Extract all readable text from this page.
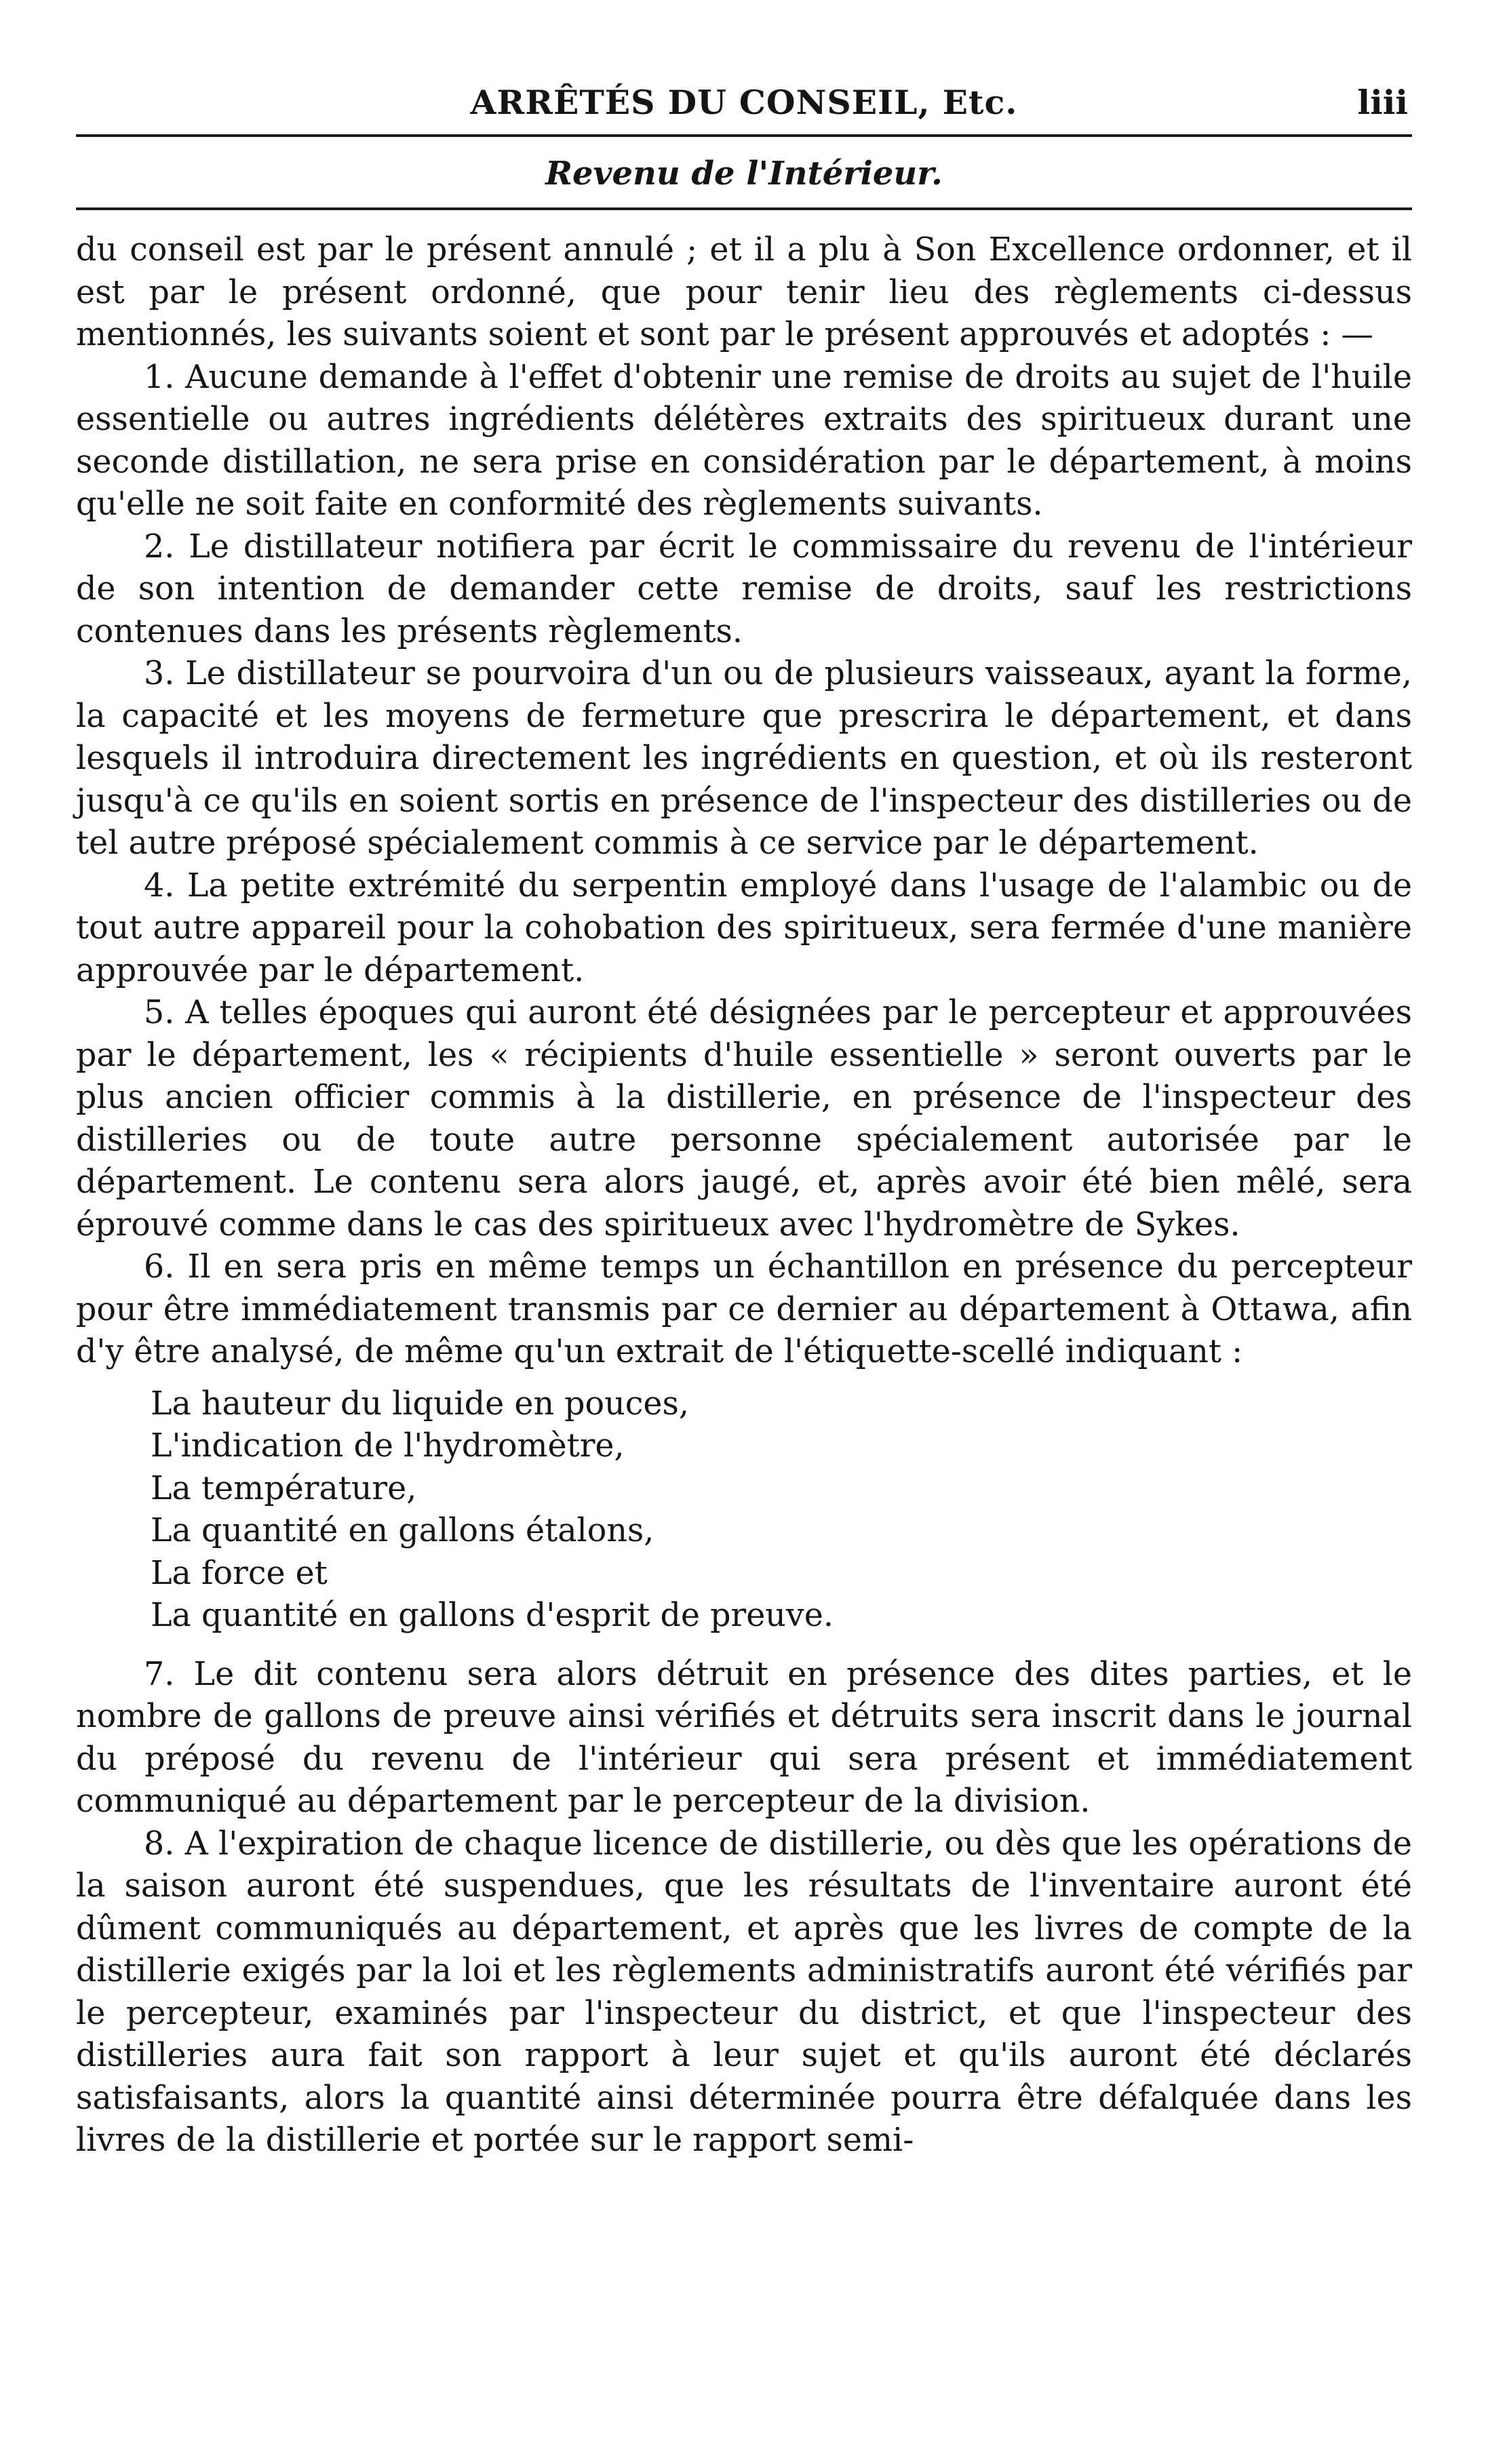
ARRÊTÉS DU CONSEIL, Etc.	liii
Revenu de l'Intérieur.

du conseil est par le présent annulé ; et il a plu à Son Excellence ordonner, et il est par le présent ordonné, que pour tenir lieu des règlements ci-dessus mentionnés, les suivants soient et sont par le présent approuvés et adoptés : —

1. Aucune demande à l'effet d'obtenir une remise de droits au sujet de l'huile essentielle ou autres ingrédients délétères extraits des spiritueux durant une seconde distillation, ne sera prise en considération par le département, à moins qu'elle ne soit faite en conformité des règlements suivants.

2. Le distillateur notifiera par écrit le commissaire du revenu de l'intérieur de son intention de demander cette remise de droits, sauf les restrictions contenues dans les présents règlements.

3. Le distillateur se pourvoira d'un ou de plusieurs vaisseaux, ayant la forme, la capacité et les moyens de fermeture que prescrira le département, et dans lesquels il introduira directement les ingrédients en question, et où ils resteront jusqu'à ce qu'ils en soient sortis en présence de l'inspecteur des distilleries ou de tel autre préposé spécialement commis à ce service par le département.

4. La petite extrémité du serpentin employé dans l'usage de l'alambic ou de tout autre appareil pour la cohobation des spiritueux, sera fermée d'une manière approuvée par le département.

5. A telles époques qui auront été désignées par le percepteur et approuvées par le département, les « récipients d'huile essentielle » seront ouverts par le plus ancien officier commis à la distillerie, en présence de l'inspecteur des distilleries ou de toute autre personne spécialement autorisée par le département. Le contenu sera alors jaugé, et, après avoir été bien mêlé, sera éprouvé comme dans le cas des spiritueux avec l'hydromètre de Sykes.

6. Il en sera pris en même temps un échantillon en présence du percepteur pour être immédiatement transmis par ce dernier au département à Ottawa, afin d'y être analysé, de même qu'un extrait de l'étiquette-scellé indiquant :

La hauteur du liquide en pouces,
L'indication de l'hydromètre,
La température,
La quantité en gallons étalons,
La force et
La quantité en gallons d'esprit de preuve.

7. Le dit contenu sera alors détruit en présence des dites parties, et le nombre de gallons de preuve ainsi vérifiés et détruits sera inscrit dans le journal du préposé du revenu de l'intérieur qui sera présent et immédiatement communiqué au département par le percepteur de la division.

8. A l'expiration de chaque licence de distillerie, ou dès que les opérations de la saison auront été suspendues, que les résultats de l'inventaire auront été dûment communiqués au département, et après que les livres de compte de la distillerie exigés par la loi et les règlements administratifs auront été vérifiés par le percepteur, examinés par l'inspecteur du district, et que l'inspecteur des distilleries aura fait son rapport à leur sujet et qu'ils auront été déclarés satisfaisants, alors la quantité ainsi déterminée pourra être défalquée dans les livres de la distillerie et portée sur le rapport semi-
